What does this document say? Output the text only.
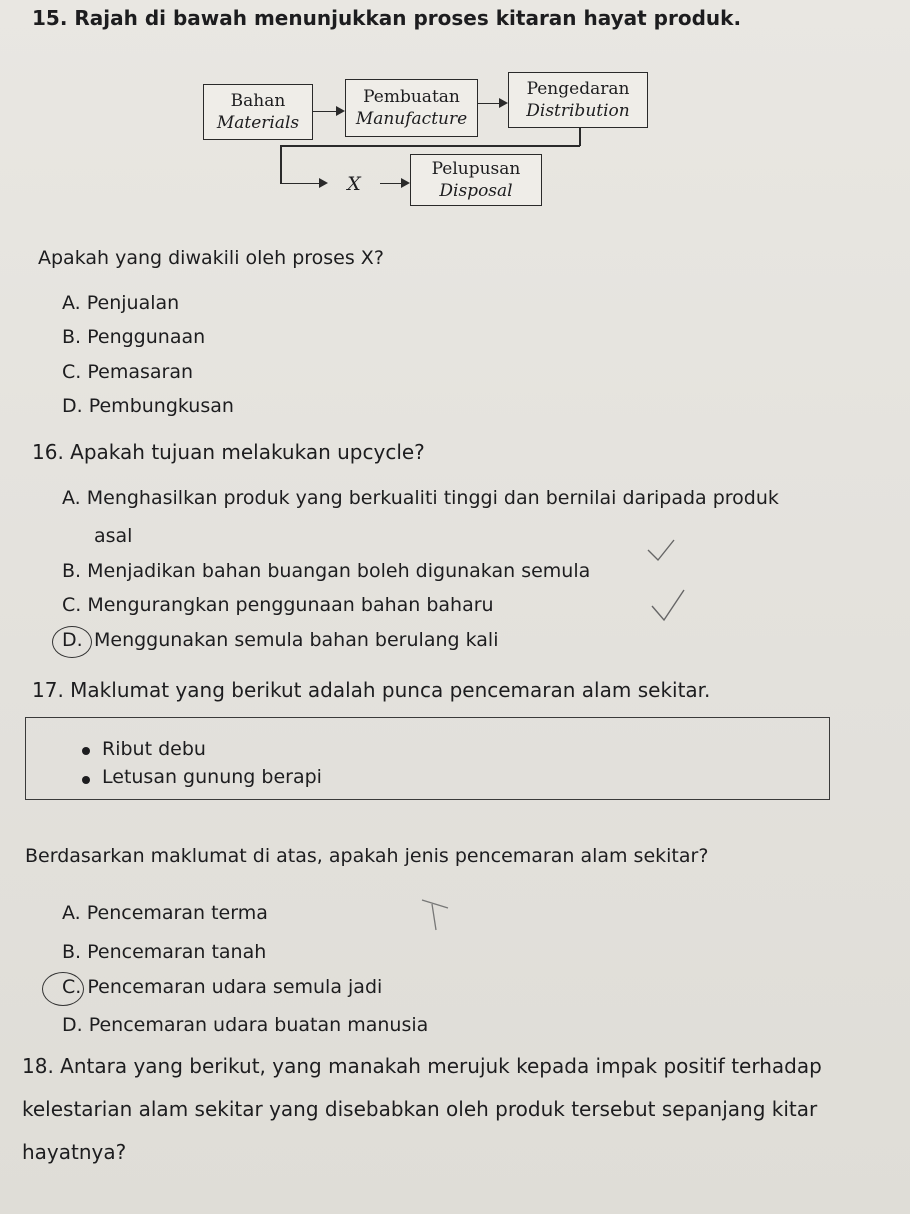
15. Rajah di bawah menunjukkan proses kitaran hayat produk.
Bahan
Materials
Pembuatan
Manufacture
Pengedaran
Distribution
X
Pelupusan
Disposal
Apakah yang diwakili oleh proses X?
A. Penjualan
B. Penggunaan
C. Pemasaran
D. Pembungkusan
16. Apakah tujuan melakukan upcycle?
A. Menghasilkan produk yang berkualiti tinggi dan bernilai daripada produk
asal
B. Menjadikan bahan buangan boleh digunakan semula
C. Mengurangkan penggunaan bahan baharu
D. Menggunakan semula bahan berulang kali
17. Maklumat yang berikut adalah punca pencemaran alam sekitar.
Ribut debu
Letusan gunung berapi
Berdasarkan maklumat di atas, apakah jenis pencemaran alam sekitar?
A. Pencemaran terma
B. Pencemaran tanah
C. Pencemaran udara semula jadi
D. Pencemaran udara buatan manusia
18. Antara yang berikut, yang manakah merujuk kepada impak positif terhadap
kelestarian alam sekitar yang disebabkan oleh produk tersebut sepanjang kitar
hayatnya?
